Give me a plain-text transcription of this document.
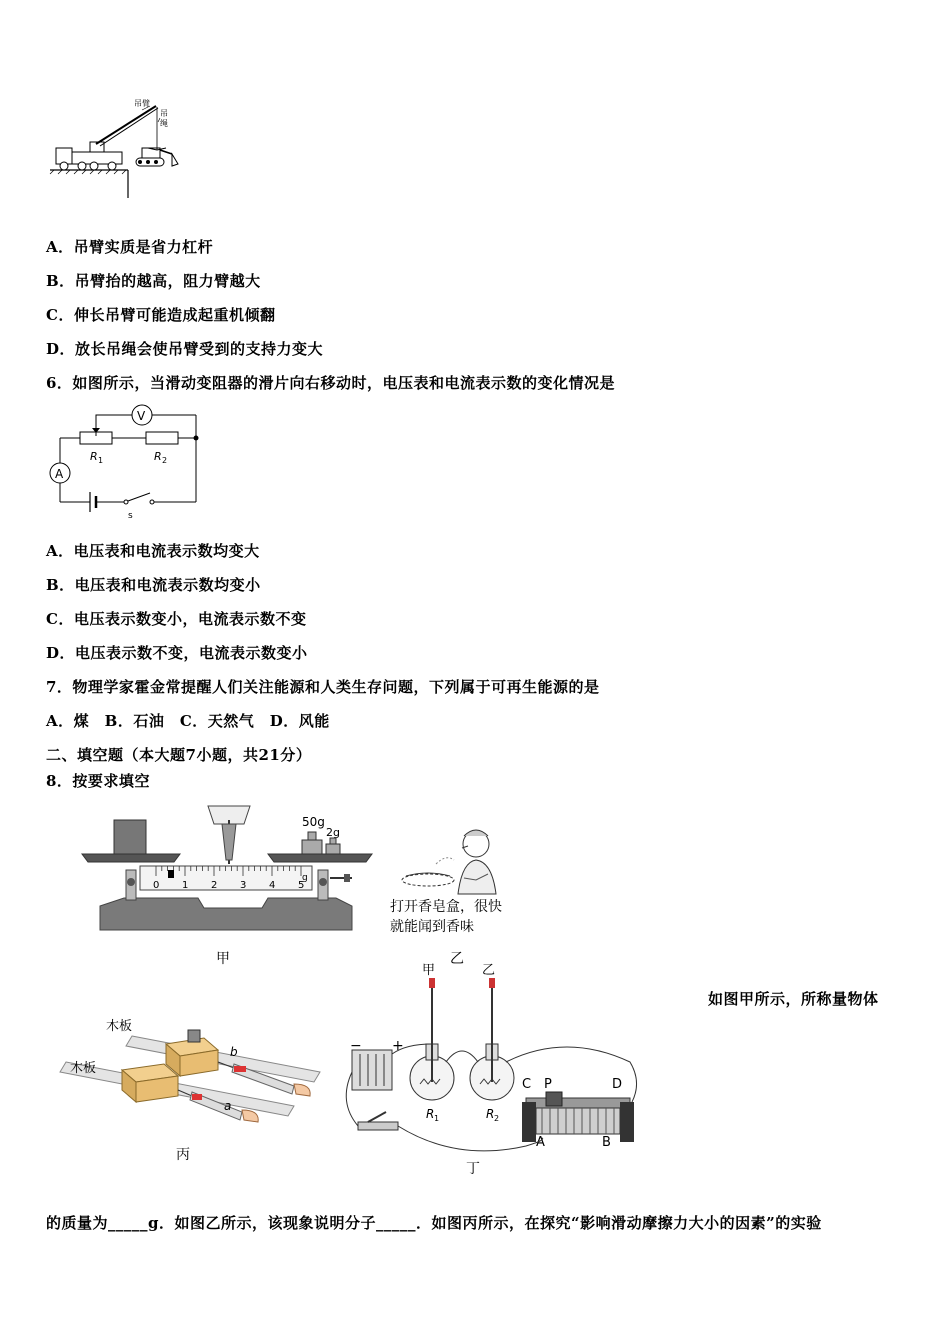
吊臂
吊
绳
A．吊臂实质是省力杠杆
B．吊臂抬的越高，阻力臂越大
C．伸长吊臂可能造成起重机倾翻
D．放长吊绳会使吊臂受到的支持力变大
6．如图所示，当滑动变阻器的滑片向右移动时，电压表和电流表示数的变化情况是
V
R 1	R 2
A
s
A．电压表和电流表示数均变大
B．电压表和电流表示数均变小
C．电压表示数变小，电流表示数不变
D．电压表示数不变，电流表示数变小
7．物理学家霍金常提醒人们关注能源和人类生存问题，下列属于可再生能源的是
A．煤　B．石油　C．天然气　D．风能
二、填空题（本大题7小题，共21分）
8．按要求填空
0 1 2 3 4 5
g
50g
2g
甲
打开香皂盒，很快
就能闻到香味
乙
木板
木板
b
a
丙
− +
甲	乙
R 1	R 2
C P	D
A	B
丁
如图甲所示，所称量物体
的质量为_____g．如图乙所示，该现象说明分子_____．如图丙所示，在探究“影响滑动摩擦力大小的因素”的实验
